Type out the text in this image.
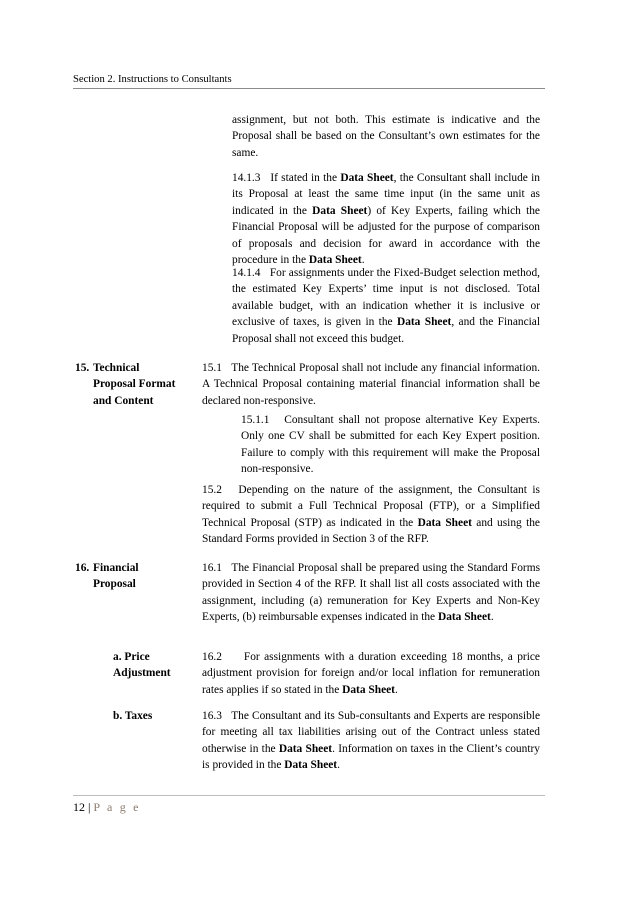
Section 2. Instructions to Consultants
assignment, but not both. This estimate is indicative and the Proposal shall be based on the Consultant’s own estimates for the same.
14.1.3 If stated in the Data Sheet, the Consultant shall include in its Proposal at least the same time input (in the same unit as indicated in the Data Sheet) of Key Experts, failing which the Financial Proposal will be adjusted for the purpose of comparison of proposals and decision for award in accordance with the procedure in the Data Sheet.
14.1.4 For assignments under the Fixed-Budget selection method, the estimated Key Experts’ time input is not disclosed. Total available budget, with an indication whether it is inclusive or exclusive of taxes, is given in the Data Sheet, and the Financial Proposal shall not exceed this budget.
15. Technical
Proposal Format
and Content
15.1 The Technical Proposal shall not include any financial information. A Technical Proposal containing material financial information shall be declared non-responsive.
15.1.1 Consultant shall not propose alternative Key Experts. Only one CV shall be submitted for each Key Expert position. Failure to comply with this requirement will make the Proposal non-responsive.
15.2 Depending on the nature of the assignment, the Consultant is required to submit a Full Technical Proposal (FTP), or a Simplified Technical Proposal (STP) as indicated in the Data Sheet and using the Standard Forms provided in Section 3 of the RFP.
16. Financial
Proposal
16.1 The Financial Proposal shall be prepared using the Standard Forms provided in Section 4 of the RFP. It shall list all costs associated with the assignment, including (a) remuneration for Key Experts and Non-Key Experts, (b) reimbursable expenses indicated in the Data Sheet.
a. Price
Adjustment
16.2 For assignments with a duration exceeding 18 months, a price adjustment provision for foreign and/or local inflation for remuneration rates applies if so stated in the Data Sheet.
b. Taxes	16.3 The Consultant and its Sub-consultants and Experts are responsible for meeting all tax liabilities arising out of the Contract unless stated otherwise in the Data Sheet. Information on taxes in the Client’s country is provided in the Data Sheet.
12 | P a g e
